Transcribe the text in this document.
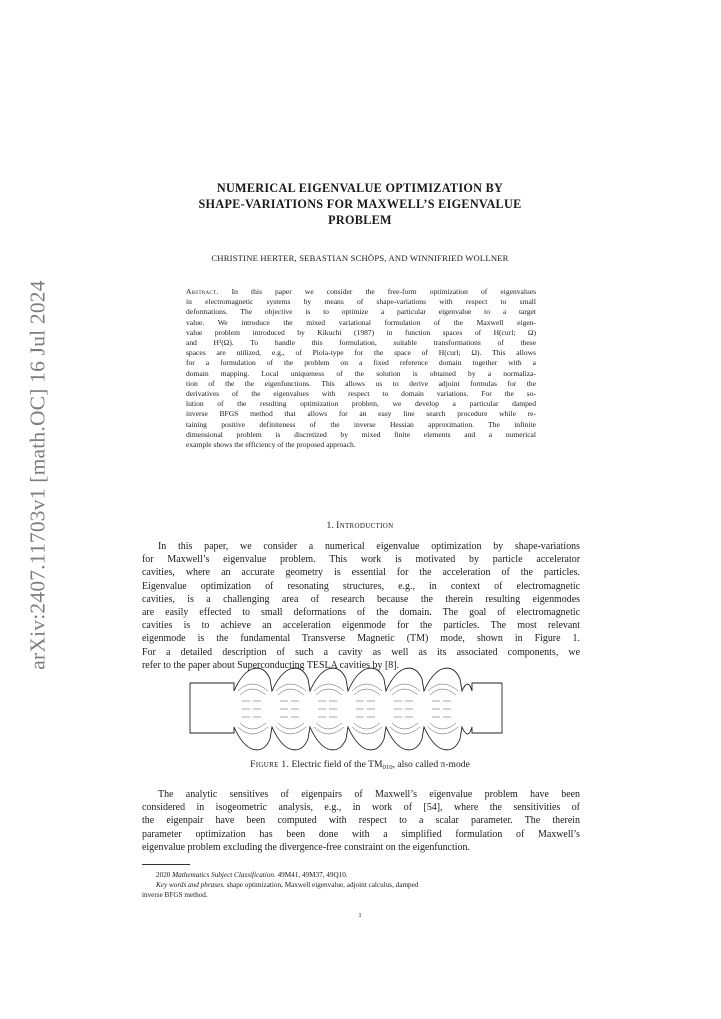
arXiv:2407.11703v1 [math.OC] 16 Jul 2024
NUMERICAL EIGENVALUE OPTIMIZATION BY
SHAPE-VARIATIONS FOR MAXWELL’S EIGENVALUE
PROBLEM
CHRISTINE HERTER, SEBASTIAN SCHÖPS, AND WINNIFRIED WOLLNER
Abstract. In this paper we consider the free-form optimization of eigenvalues
in electromagnetic systems by means of shape-variations with respect to small
deformations. The objective is to optimize a particular eigenvalue to a target
value. We introduce the mixed variational formulation of the Maxwell eigen-
value problem introduced by Kikuchi (1987) in function spaces of H(curl; Ω)
and H¹(Ω). To handle this formulation, suitable transformations of these
spaces are utilized, e.g., of Piola-type for the space of H(curl; Ω). This allows
for a formulation of the problem on a fixed reference domain together with a
domain mapping. Local uniqueness of the solution is obtained by a normaliza-
tion of the the eigenfunctions. This allows us to derive adjoint formulas for the
derivatives of the eigenvalues with respect to domain variations. For the so-
lution of the resulting optimization problem, we develop a particular damped
inverse BFGS method that allows for an easy line search procedure while re-
taining positive definiteness of the inverse Hessian approximation. The infinite
dimensional problem is discretized by mixed finite elements and a numerical
example shows the efficiency of the proposed approach.
1. Introduction
In this paper, we consider a numerical eigenvalue optimization by shape-variations
for Maxwell’s eigenvalue problem. This work is motivated by particle accelerator
cavities, where an accurate geometry is essential for the acceleration of the particles.
Eigenvalue optimization of resonating structures, e.g., in context of electromagnetic
cavities, is a challenging area of research because the therein resulting eigenmodes
are easily effected to small deformations of the domain. The goal of electromagnetic
cavities is to achieve an acceleration eigenmode for the particles. The most relevant
eigenmode is the fundamental Transverse Magnetic (TM) mode, shown in Figure 1.
For a detailed description of such a cavity as well as its associated components, we
refer to the paper about Superconducting TESLA cavities by [8].
Figure 1. Electric field of the $TM_{010}$, also called π-mode
The analytic sensitives of eigenpairs of Maxwell’s eigenvalue problem have been
considered in isogeometric analysis, e.g., in work of [54], where the sensitivities of
the eigenpair have been computed with respect to a scalar parameter. The therein
parameter optimization has been done with a simplified formulation of Maxwell’s
eigenvalue problem excluding the divergence-free constraint on the eigenfunction.
2020 Mathematics Subject Classification. 49M41, 49M37, 49Q10.
Key words and phrases. shape optimization, Maxwell eigenvalue, adjoint calculus, damped
inverse BFGS method.
1
